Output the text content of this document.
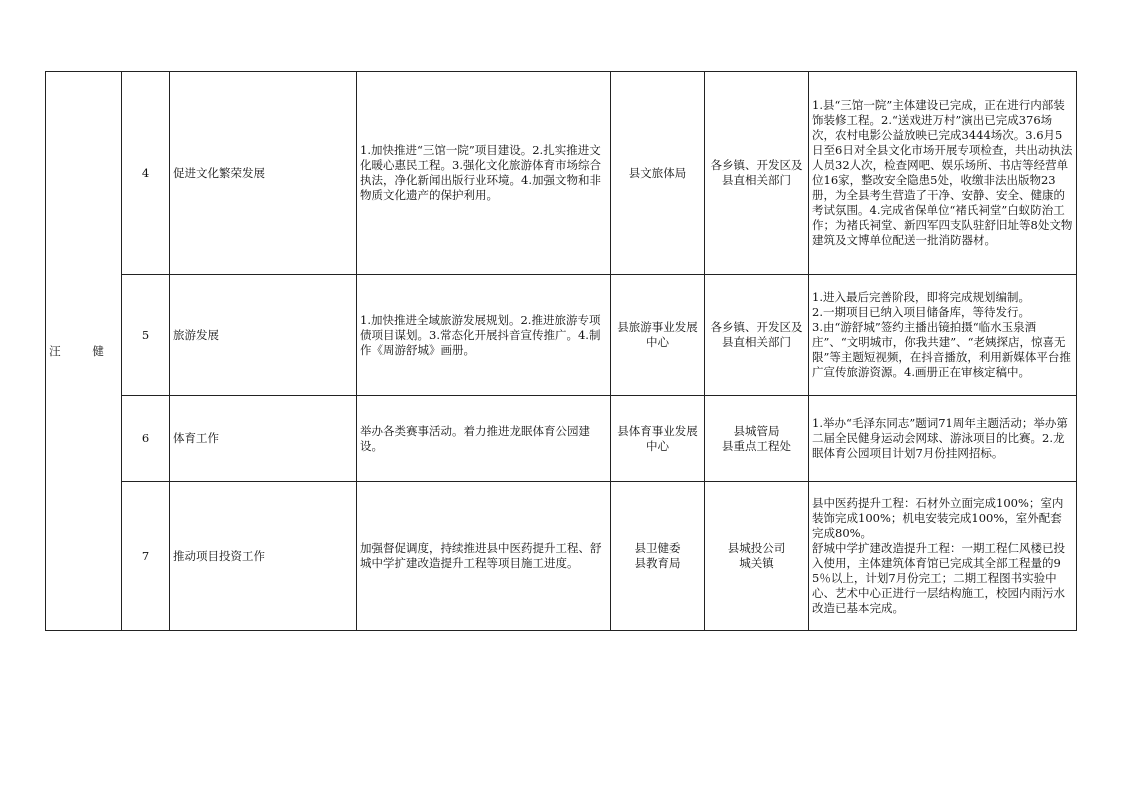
汪 健	4	促进文化繁荣发展	1.加快推进“三馆一院”项目建设。2.扎实推进文化暖心惠民工程。3.强化文化旅游体育市场综合执法，净化新闻出版行业环境。4.加强文物和非物质文化遗产的保护利用。	县文旅体局	各乡镇、开发区及县直相关部门	1.县“三馆一院”主体建设已完成，正在进行内部装饰装修工程。2.“送戏进万村”演出已完成376场次，农村电影公益放映已完成3444场次。3.6月5日至6日对全县文化市场开展专项检查，共出动执法人员32人次，检查网吧、娱乐场所、书店等经营单位16家，整改安全隐患5处，收缴非法出版物23册，为全县考生营造了干净、安静、安全、健康的考试氛围。4.完成省保单位“褚氏祠堂”白蚁防治工作；为褚氏祠堂、新四军四支队驻舒旧址等8处文物建筑及文博单位配送一批消防器材。
	5	旅游发展	1.加快推进全域旅游发展规划。2.推进旅游专项债项目谋划。3.常态化开展抖音宣传推广。4.制作《周游舒城》画册。	县旅游事业发展中心	各乡镇、开发区及县直相关部门	1.进入最后完善阶段，即将完成规划编制。
2.一期项目已纳入项目储备库，等待发行。
3.由“游舒城”签约主播出镜拍摄“临水玉泉酒庄”、“文明城市，你我共建”、“老姨探店，惊喜无限”等主题短视频，在抖音播放，利用新媒体平台推广宣传旅游资源。4.画册正在审核定稿中。

	6	体育工作	举办各类赛事活动。着力推进龙眠体育公园建设。	县体育事业发展中心	县城管局
县重点工程处	1.举办“毛泽东同志”题词71周年主题活动；举办第二届全民健身运动会网球、游泳项目的比赛。2.龙眠体育公园项目计划7月份挂网招标。
	7	推动项目投资工作	加强督促调度，持续推进县中医药提升工程、舒城中学扩建改造提升工程等项目施工进度。	县卫健委
县教育局	县城投公司
城关镇	县中医药提升工程：石材外立面完成100%；室内装饰完成100%；机电安装完成100%，室外配套完成80%。
舒城中学扩建改造提升工程：一期工程仁风楼已投入使用，主体建筑体育馆已完成其全部工程量的95％以上，计划7月份完工；二期工程图书实验中心、艺术中心正进行一层结构施工，校园内雨污水改造已基本完成。
